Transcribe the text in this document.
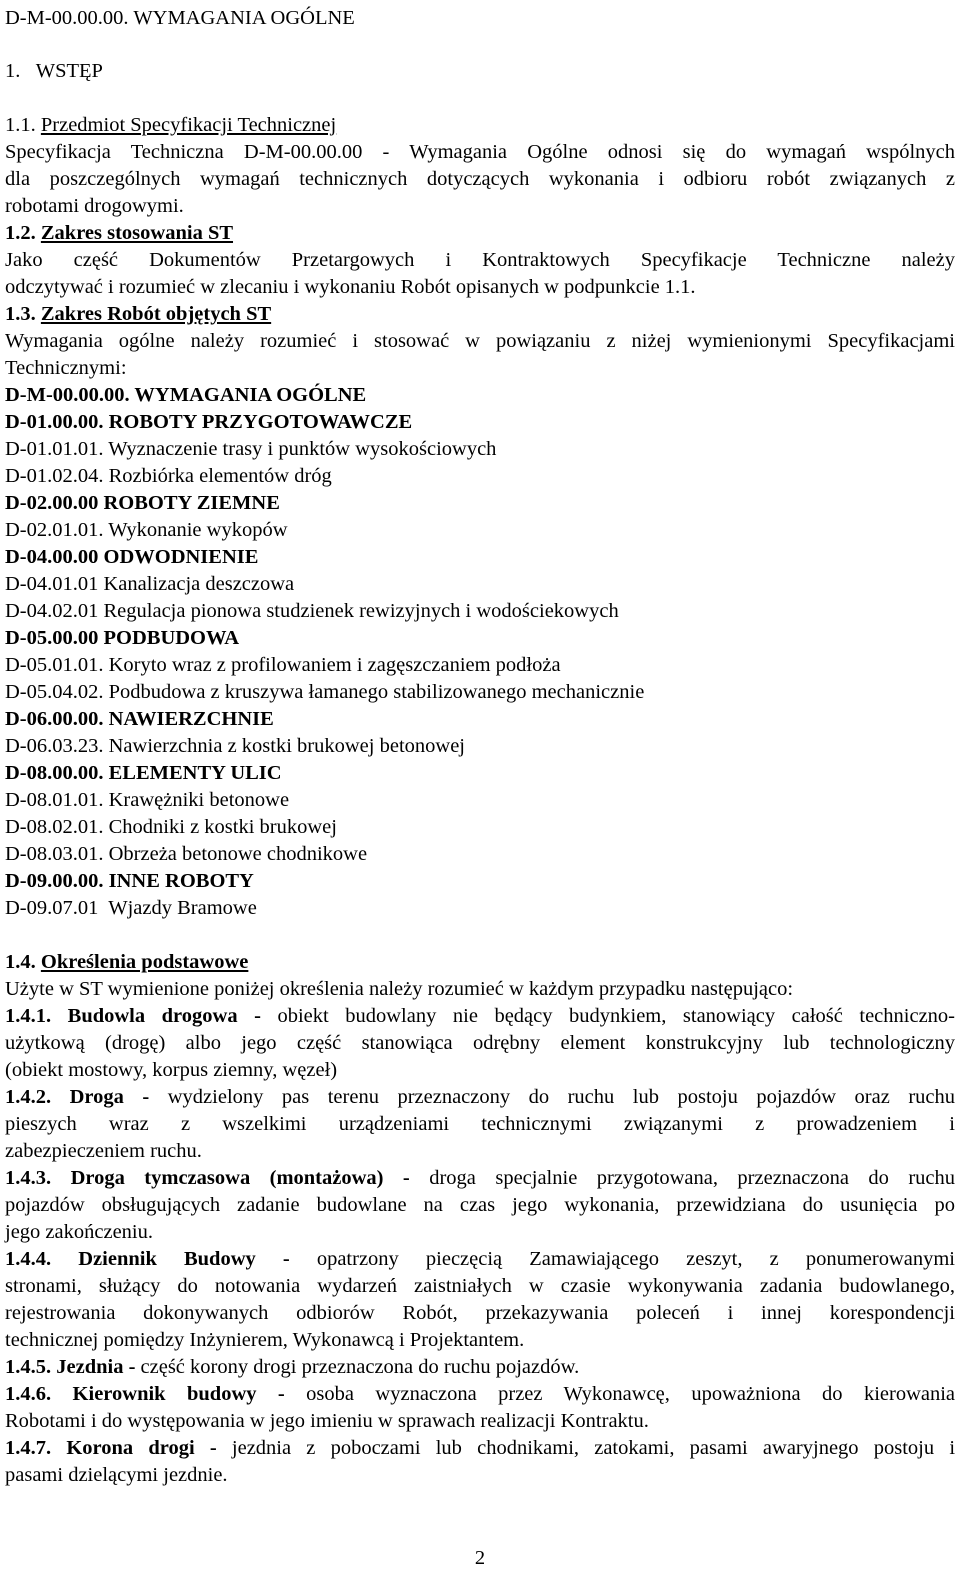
D-M-00.00.00. WYMAGANIA OGÓLNE
1. WSTĘP
1.1. Przedmiot Specyfikacji Technicznej
Specyfikacja Techniczna D-M-00.00.00 - Wymagania Ogólne odnosi się do wymagań wspólnych
dla poszczególnych wymagań technicznych dotyczących wykonania i odbioru robót związanych z
robotami drogowymi.
1.2. Zakres stosowania ST
Jako część Dokumentów Przetargowych i Kontraktowych Specyfikacje Techniczne należy
odczytywać i rozumieć w zlecaniu i wykonaniu Robót opisanych w podpunkcie 1.1.
1.3. Zakres Robót objętych ST
Wymagania ogólne należy rozumieć i stosować w powiązaniu z niżej wymienionymi Specyfikacjami
Technicznymi:
D-M-00.00.00. WYMAGANIA OGÓLNE
D-01.00.00. ROBOTY PRZYGOTOWAWCZE
D-01.01.01. Wyznaczenie trasy i punktów wysokościowych
D-01.02.04. Rozbiórka elementów dróg
D-02.00.00 ROBOTY ZIEMNE
D-02.01.01. Wykonanie wykopów
D-04.00.00 ODWODNIENIE
D-04.01.01 Kanalizacja deszczowa
D-04.02.01 Regulacja pionowa studzienek rewizyjnych i wodościekowych
D-05.00.00 PODBUDOWA
D-05.01.01. Koryto wraz z profilowaniem i zagęszczaniem podłoża
D-05.04.02. Podbudowa z kruszywa łamanego stabilizowanego mechanicznie
D-06.00.00. NAWIERZCHNIE
D-06.03.23. Nawierzchnia z kostki brukowej betonowej
D-08.00.00. ELEMENTY ULIC
D-08.01.01. Krawężniki betonowe
D-08.02.01. Chodniki z kostki brukowej
D-08.03.01. Obrzeża betonowe chodnikowe
D-09.00.00. INNE ROBOTY
D-09.07.01  Wjazdy Bramowe
1.4. Określenia podstawowe
Użyte w ST wymienione poniżej określenia należy rozumieć w każdym przypadku następująco:
1.4.1. Budowla drogowa - obiekt budowlany nie będący budynkiem, stanowiący całość techniczno-
użytkową (drogę) albo jego część stanowiąca odrębny element konstrukcyjny lub technologiczny
(obiekt mostowy, korpus ziemny, węzeł)
1.4.2. Droga - wydzielony pas terenu przeznaczony do ruchu lub postoju pojazdów oraz ruchu
pieszych wraz z wszelkimi urządzeniami technicznymi związanymi z prowadzeniem i
zabezpieczeniem ruchu.
1.4.3. Droga tymczasowa (montażowa) - droga specjalnie przygotowana, przeznaczona do ruchu
pojazdów obsługujących zadanie budowlane na czas jego wykonania, przewidziana do usunięcia po
jego zakończeniu.
1.4.4. Dziennik Budowy - opatrzony pieczęcią Zamawiającego zeszyt, z ponumerowanymi
stronami, służący do notowania wydarzeń zaistniałych w czasie wykonywania zadania budowlanego,
rejestrowania dokonywanych odbiorów Robót, przekazywania poleceń i innej korespondencji
technicznej pomiędzy Inżynierem, Wykonawcą i Projektantem.
1.4.5. Jezdnia - część korony drogi przeznaczona do ruchu pojazdów.
1.4.6. Kierownik budowy - osoba wyznaczona przez Wykonawcę, upoważniona do kierowania
Robotami i do występowania w jego imieniu w sprawach realizacji Kontraktu.
1.4.7. Korona drogi - jezdnia z poboczami lub chodnikami, zatokami, pasami awaryjnego postoju i
pasami dzielącymi jezdnie.
2
